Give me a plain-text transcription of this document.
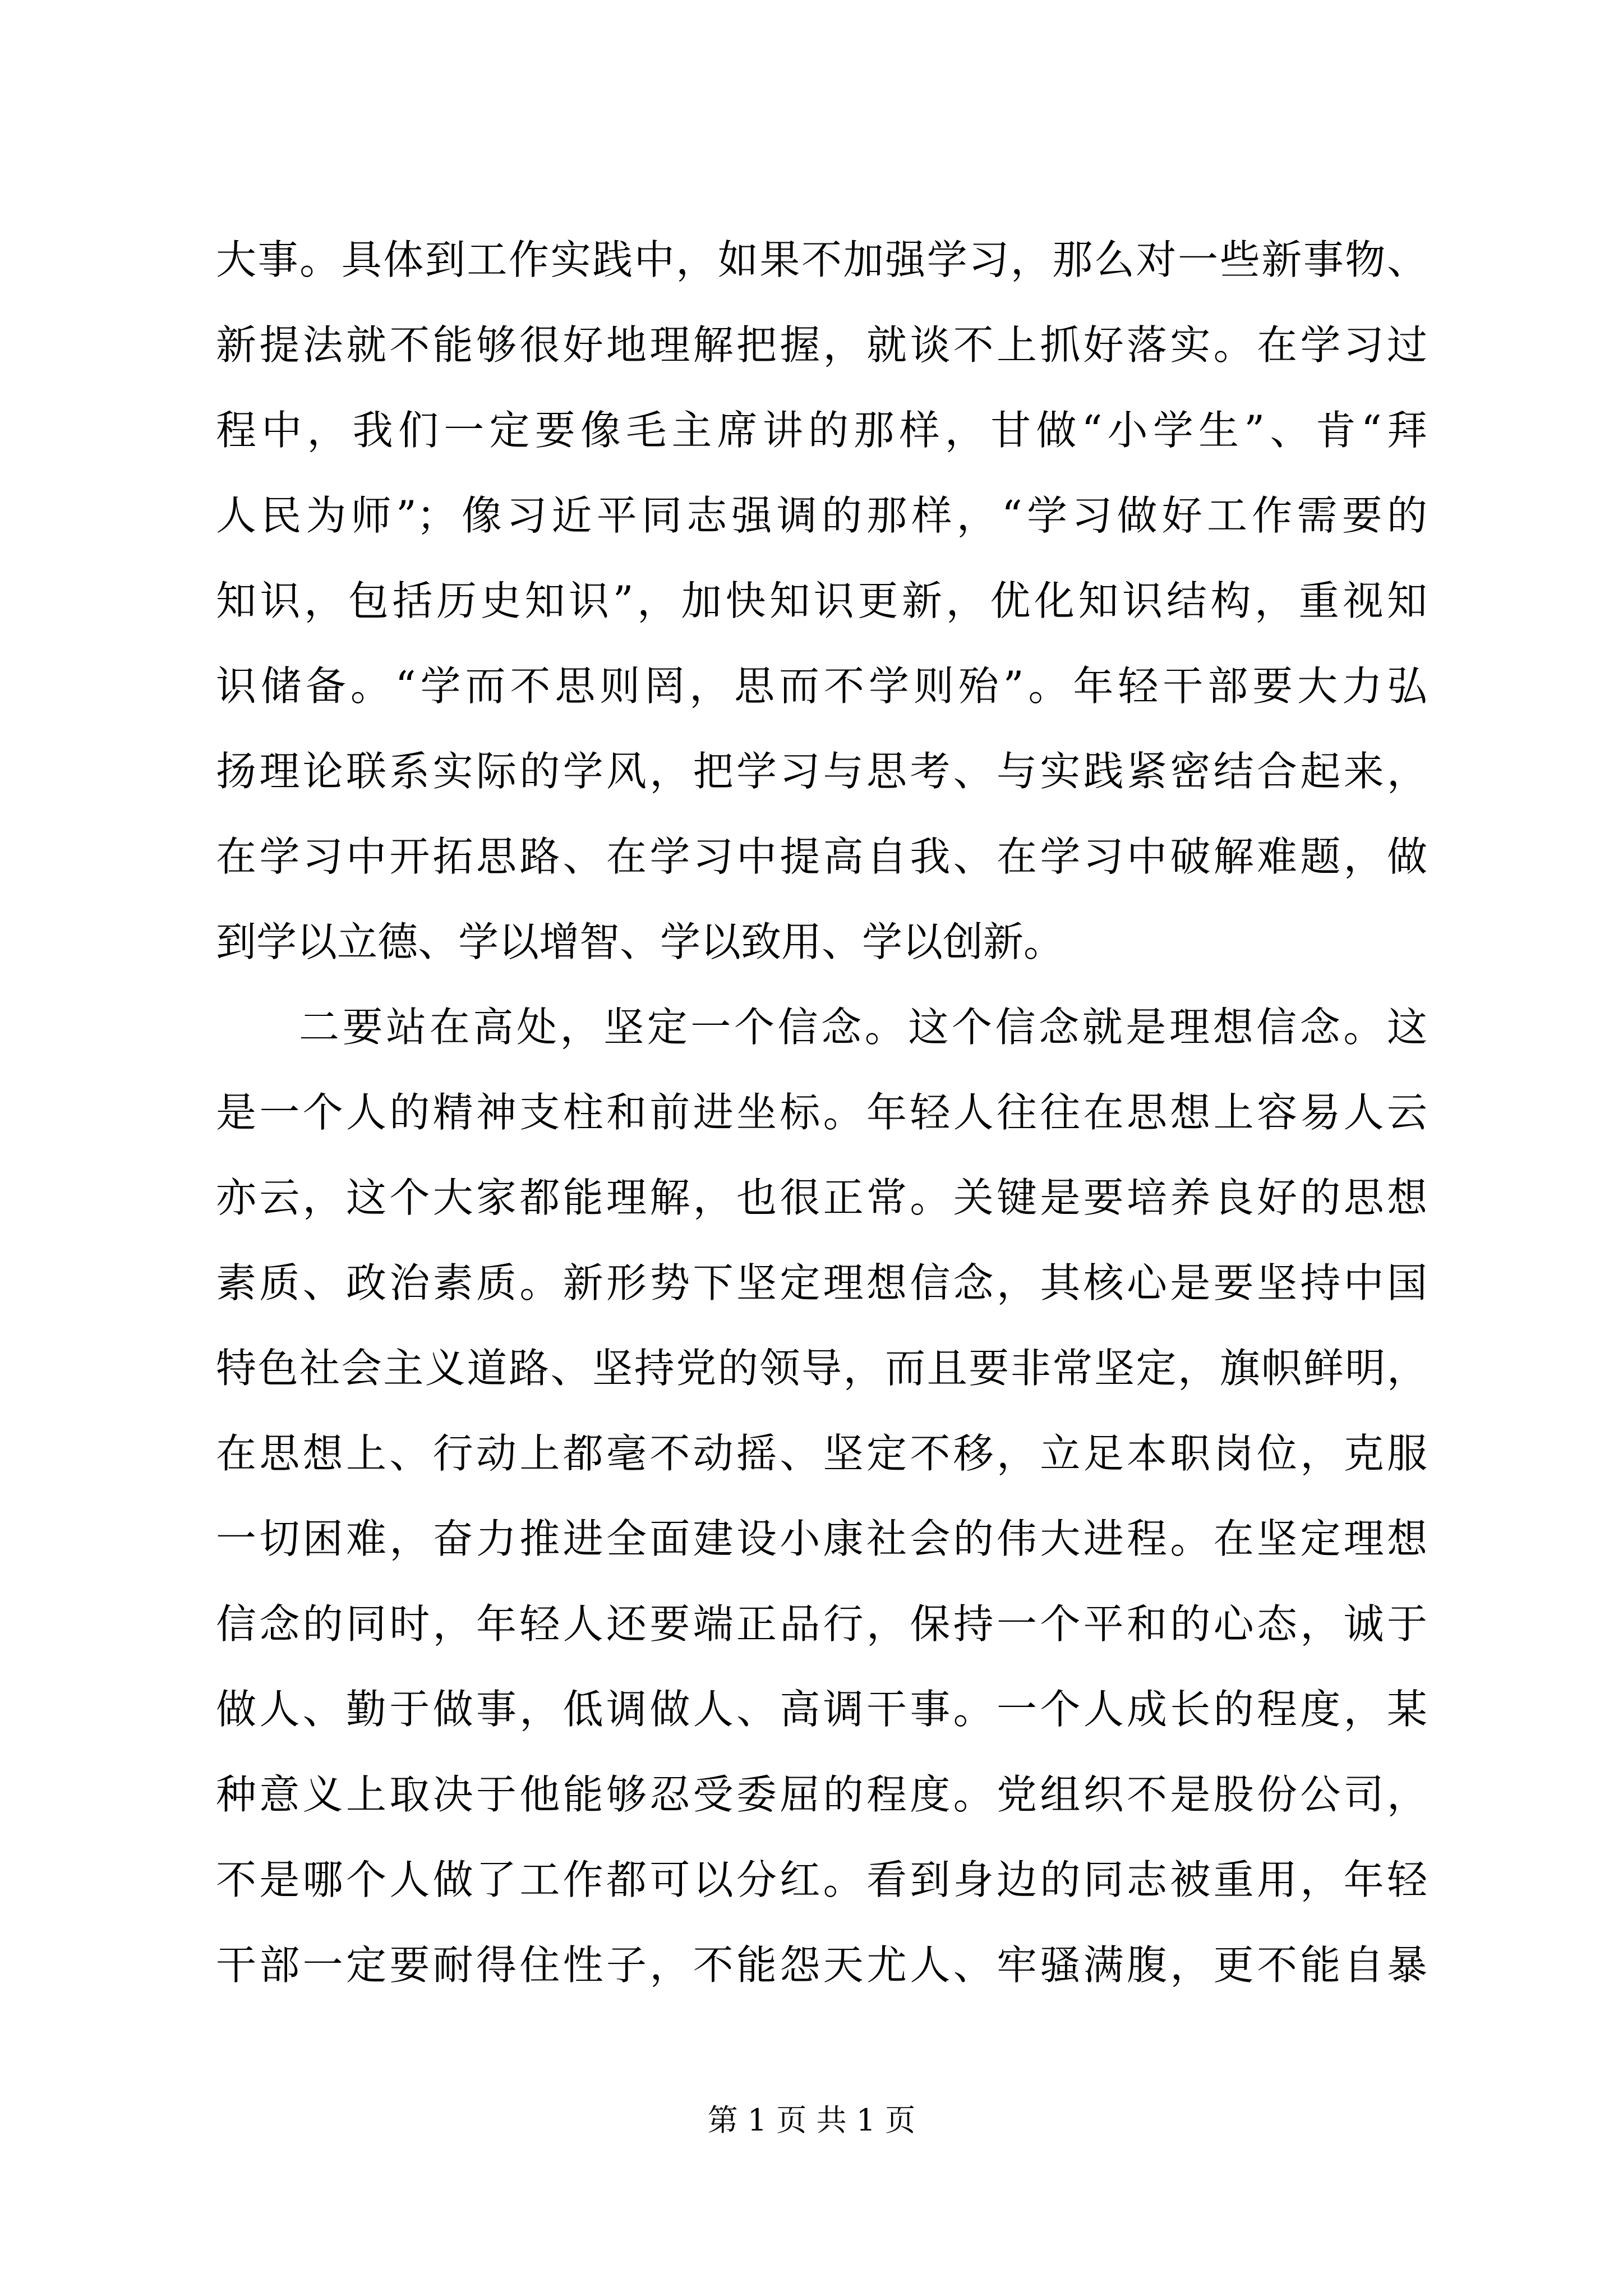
大事。具体到工作实践中，如果不加强学习，那么对一些新事物、
新提法就不能够很好地理解把握，就谈不上抓好落实。在学习过
程中，我们一定要像毛主席讲的那样，甘做“小学生”、肯“拜
人民为师”；像习近平同志强调的那样，“学习做好工作需要的
知识，包括历史知识”，加快知识更新，优化知识结构，重视知
识储备。“学而不思则罔，思而不学则殆”。年轻干部要大力弘
扬理论联系实际的学风，把学习与思考、与实践紧密结合起来，
在学习中开拓思路、在学习中提高自我、在学习中破解难题，做
到学以立德、学以增智、学以致用、学以创新。
二要站在高处，坚定一个信念。这个信念就是理想信念。这
是一个人的精神支柱和前进坐标。年轻人往往在思想上容易人云
亦云，这个大家都能理解，也很正常。关键是要培养良好的思想
素质、政治素质。新形势下坚定理想信念，其核心是要坚持中国
特色社会主义道路、坚持党的领导，而且要非常坚定，旗帜鲜明，
在思想上、行动上都毫不动摇、坚定不移，立足本职岗位，克服
一切困难，奋力推进全面建设小康社会的伟大进程。在坚定理想
信念的同时，年轻人还要端正品行，保持一个平和的心态，诚于
做人、勤于做事，低调做人、高调干事。一个人成长的程度，某
种意义上取决于他能够忍受委屈的程度。党组织不是股份公司，
不是哪个人做了工作都可以分红。看到身边的同志被重用，年轻
干部一定要耐得住性子，不能怨天尤人、牢骚满腹，更不能自暴
第 1 页 共 1 页
